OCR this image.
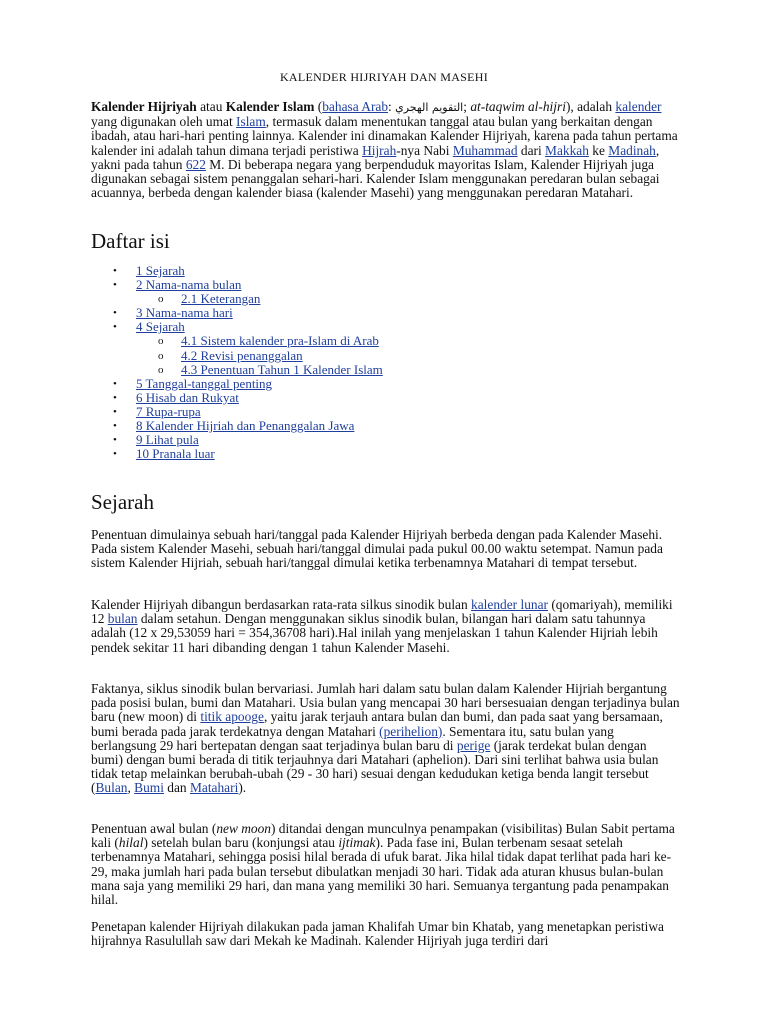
KALENDER HIJRIYAH DAN MASEHI

Kalender Hijriyah atau Kalender Islam (bahasa Arab: التقويم الهجري; at-taqwim al-hijri), adalah kalender yang digunakan oleh umat Islam, termasuk dalam menentukan tanggal atau bulan yang berkaitan dengan ibadah, atau hari-hari penting lainnya. Kalender ini dinamakan Kalender Hijriyah, karena pada tahun pertama kalender ini adalah tahun dimana terjadi peristiwa Hijrah-nya Nabi Muhammad dari Makkah ke Madinah, yakni pada tahun 622 M. Di beberapa negara yang berpenduduk mayoritas Islam, Kalender Hijriyah juga digunakan sebagai sistem penanggalan sehari-hari. Kalender Islam menggunakan peredaran bulan sebagai acuannya, berbeda dengan kalender biasa (kalender Masehi) yang menggunakan peredaran Matahari.

Daftar isi
• 1 Sejarah
• 2 Nama-nama bulan
o 2.1 Keterangan
• 3 Nama-nama hari
• 4 Sejarah
o 4.1 Sistem kalender pra-Islam di Arab
o 4.2 Revisi penanggalan
o 4.3 Penentuan Tahun 1 Kalender Islam
• 5 Tanggal-tanggal penting
• 6 Hisab dan Rukyat
• 7 Rupa-rupa
• 8 Kalender Hijriah dan Penanggalan Jawa
• 9 Lihat pula
• 10 Pranala luar
Sejarah

Penentuan dimulainya sebuah hari/tanggal pada Kalender Hijriyah berbeda dengan pada Kalender Masehi. Pada sistem Kalender Masehi, sebuah hari/tanggal dimulai pada pukul 00.00 waktu setempat. Namun pada sistem Kalender Hijriah, sebuah hari/tanggal dimulai ketika terbenamnya Matahari di tempat tersebut.

Kalender Hijriyah dibangun berdasarkan rata-rata silkus sinodik bulan kalender lunar (qomariyah), memiliki 12 bulan dalam setahun. Dengan menggunakan siklus sinodik bulan, bilangan hari dalam satu tahunnya adalah (12 x 29,53059 hari = 354,36708 hari).Hal inilah yang menjelaskan 1 tahun Kalender Hijriah lebih pendek sekitar 11 hari dibanding dengan 1 tahun Kalender Masehi.

Faktanya, siklus sinodik bulan bervariasi. Jumlah hari dalam satu bulan dalam Kalender Hijriah bergantung pada posisi bulan, bumi dan Matahari. Usia bulan yang mencapai 30 hari bersesuaian dengan terjadinya bulan baru (new moon) di titik apooge, yaitu jarak terjauh antara bulan dan bumi, dan pada saat yang bersamaan, bumi berada pada jarak terdekatnya dengan Matahari (perihelion). Sementara itu, satu bulan yang berlangsung 29 hari bertepatan dengan saat terjadinya bulan baru di perige (jarak terdekat bulan dengan bumi) dengan bumi berada di titik terjauhnya dari Matahari (aphelion). Dari sini terlihat bahwa usia bulan tidak tetap melainkan berubah-ubah (29 - 30 hari) sesuai dengan kedudukan ketiga benda langit tersebut (Bulan, Bumi dan Matahari).

Penentuan awal bulan (new moon) ditandai dengan munculnya penampakan (visibilitas) Bulan Sabit pertama kali (hilal) setelah bulan baru (konjungsi atau ijtimak). Pada fase ini, Bulan terbenam sesaat setelah terbenamnya Matahari, sehingga posisi hilal berada di ufuk barat. Jika hilal tidak dapat terlihat pada hari ke-29, maka jumlah hari pada bulan tersebut dibulatkan menjadi 30 hari. Tidak ada aturan khusus bulan-bulan mana saja yang memiliki 29 hari, dan mana yang memiliki 30 hari. Semuanya tergantung pada penampakan hilal.

Penetapan kalender Hijriyah dilakukan pada jaman Khalifah Umar bin Khatab, yang menetapkan peristiwa hijrahnya Rasulullah saw dari Mekah ke Madinah. Kalender Hijriyah juga terdiri dari
